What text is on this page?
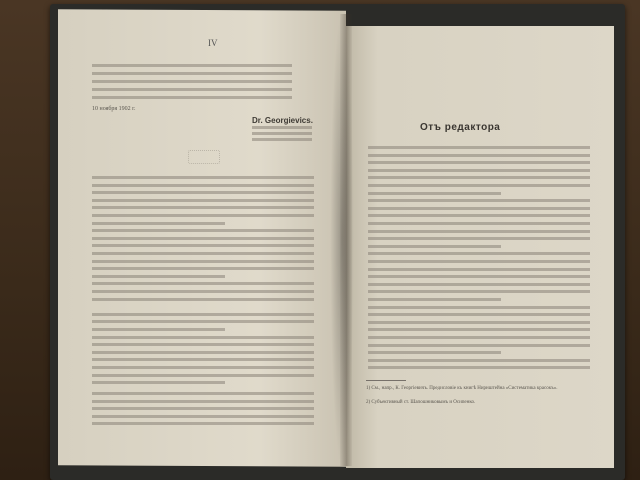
IV
10 ноября 1902 г.
Dr. Georgievics.
Отъ редактора
1) См., напр., К. Георгіевичъ. Предисловіе къ книгѣ Нирнштейна «Систематика красокъ».
2) Субъективный ст. Шапошниковымъ и Осипенко.
